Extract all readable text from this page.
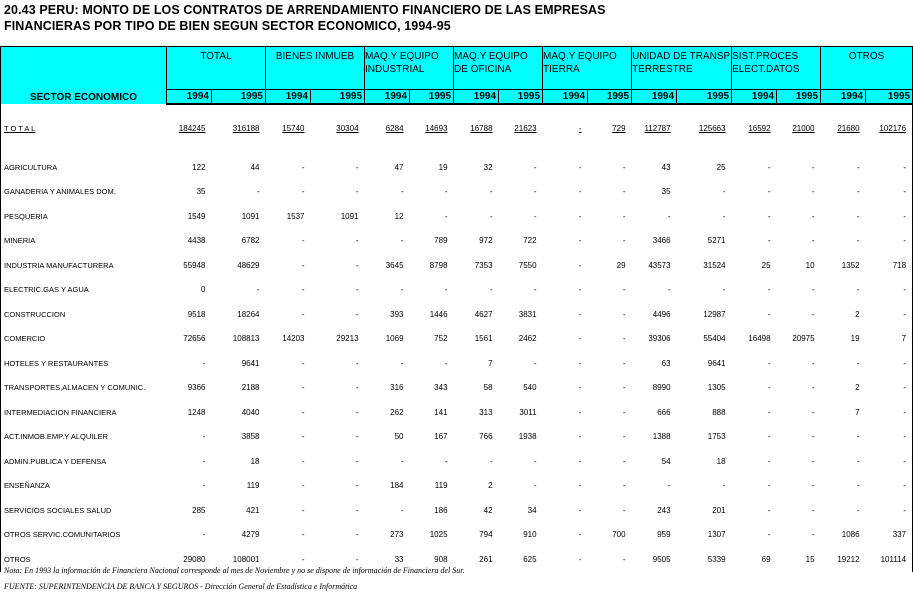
20.43 PERU: MONTO DE LOS CONTRATOS DE ARRENDAMIENTO FINANCIERO DE LAS EMPRESAS
FINANCIERAS POR TIPO DE BIEN SEGUN SECTOR ECONOMICO, 1994-95
SECTOR ECONOMICO	TOTAL		BIENES INMUEB		MAQ.Y EQUIPO
INDUSTRIAL		MAQ.Y EQUIPO
DE OFICINA		MAQ.Y EQUIPO
TIERRA		UNIDAD DE TRANSP
TERRESTRE		SIST.PROCES
ELECT.DATOS		OTROS	

	1994	1995	1994	1995	1994	1995	1994	1995	1994	1995	1994	1995	1994	1995	1994	1995
T O T A L	184245	316188	15740	30304	6284	14693	16788	21623	-	729	112787	125663	16592	21000	21680	102176

AGRICULTURA	122	44	-	-	47	19	32	-	-	-	43	25	-	-	-	-
GANADERIA Y ANIMALES DOM.	35	-	-	-	-	-	-	-	-	-	35	-	-	-	-	-
PESQUERIA	1549	1091	1537	1091	12	-	-	-	-	-	-	-	-	-	-	-
MINERIA	4438	6782	-	-	-	789	972	722	-	-	3466	5271	-	-	-	-
INDUSTRIA MANUFACTURERA	55948	48629	-	-	3645	8798	7353	7550	-	29	43573	31524	25	10	1352	718
ELECTRIC.GAS Y AGUA	0	-	-	-	-	-	-	-	-	-	-	-	-	-	-	-
CONSTRUCCION	9518	18264	-	-	393	1446	4627	3831	-	-	4496	12987	-	-	2	-
COMERCIO	72656	108813	14203	29213	1069	752	1561	2462	-	-	39306	55404	16498	20975	19	7
HOTELES Y RESTAURANTES	-	9641	-	-	-	-	7	-	-	-	63	9641	-	-	-	-
TRANSPORTES,ALMACEN Y COMUNIC.	9366	2188	-	-	316	343	58	540	-	-	8990	1305	-	-	2	-
INTERMEDIACION FINANCIERA	1248	4040	-	-	262	141	313	3011	-	-	666	888	-	-	7	-
ACT.INMOB.EMP.Y ALQUILER	-	3858	-	-	50	167	766	1938	-	-	1388	1753	-	-	-	-
ADMIN.PUBLICA Y DEFENSA	-	18	-	-	-	-	-	-	-	-	54	18	-	-	-	-
ENSEÑANZA	-	119	-	-	184	119	2	-	-	-	-	-	-	-	-	-
SERVICIOS SOCIALES SALUD	285	421	-	-	-	186	42	34	-	-	243	201	-	-	-	-
OTROS SERVIC.COMUNITARIOS	-	4279	-	-	273	1025	794	910	-	700	959	1307	-	-	1086	337
OTROS	29080	108001	-	-	33	908	261	625	-	-	9505	5339	69	15	19212	101114
Nota: En 1993 la información de Financiera Nacional corresponde al mes de Noviembre y no se dispone de información de Financiera del Sur.
FUENTE: SUPERINTENDENCIA DE BANCA Y SEGUROS - Dirección General de Estadística e Informática
